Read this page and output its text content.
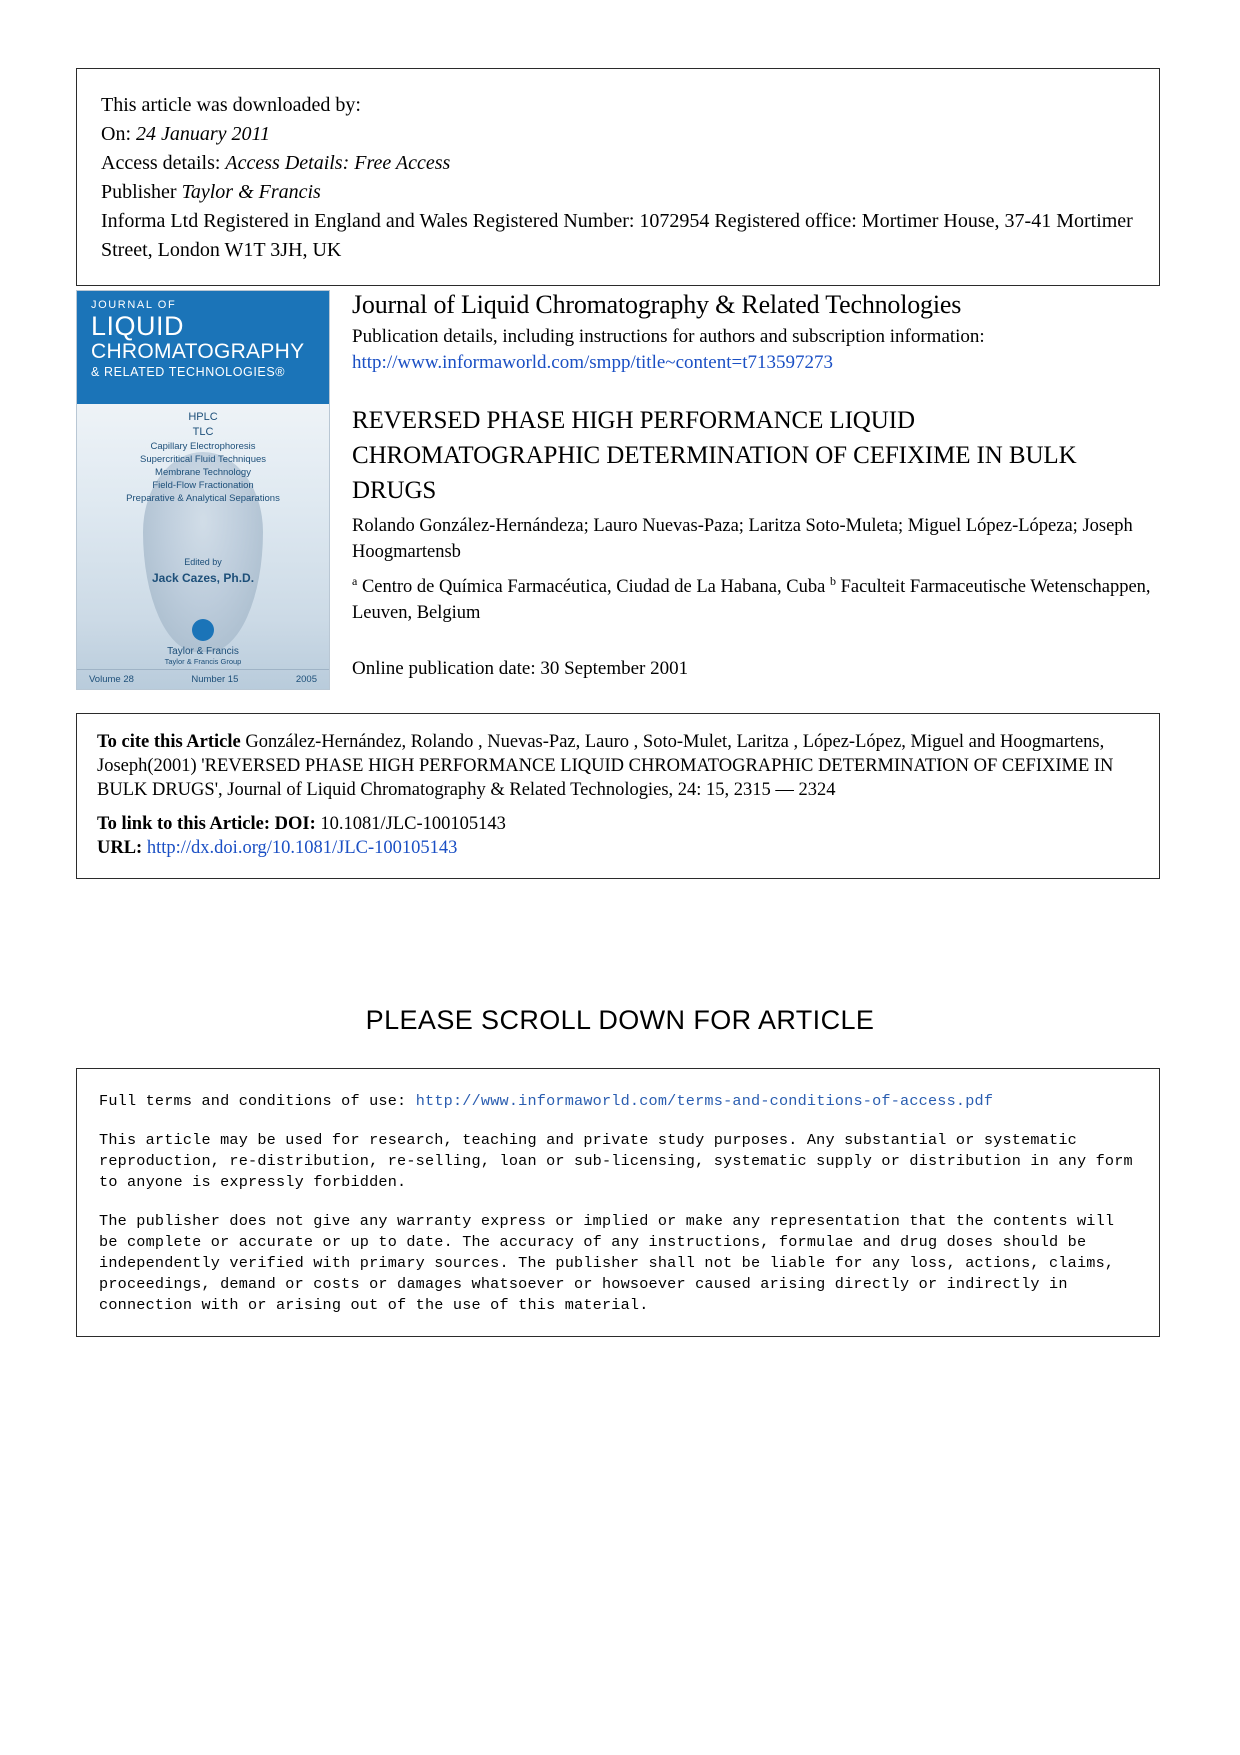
This article was downloaded by:
On: 24 January 2011
Access details: Access Details: Free Access
Publisher Taylor & Francis
Informa Ltd Registered in England and Wales Registered Number: 1072954 Registered office: Mortimer House, 37-41 Mortimer Street, London W1T 3JH, UK
JOURNAL OF
LIQUID
CHROMATOGRAPHY
& RELATED TECHNOLOGIES®
HPLC
TLC
Capillary Electrophoresis
Supercritical Fluid Techniques
Membrane Technology
Field-Flow Fractionation
Preparative & Analytical Separations
Edited by
Jack Cazes, Ph.D.
Taylor & Francis
Taylor & Francis Group
Volume 28	Number 15	2005
Journal of Liquid Chromatography & Related Technologies
Publication details, including instructions for authors and subscription information:
http://www.informaworld.com/smpp/title~content=t713597273
REVERSED PHASE HIGH PERFORMANCE LIQUID CHROMATOGRAPHIC DETERMINATION OF CEFIXIME IN BULK DRUGS
Rolando González-Hernándeza; Lauro Nuevas-Paza; Laritza Soto-Muleta; Miguel López-Lópeza; Joseph Hoogmartensb
$^a$ Centro de Química Farmacéutica, Ciudad de La Habana, Cuba $^b$ Faculteit Farmaceutische Wetenschappen, Leuven, Belgium
Online publication date: 30 September 2001
To cite this Article González-Hernández, Rolando , Nuevas-Paz, Lauro , Soto-Mulet, Laritza , López-López, Miguel and Hoogmartens, Joseph(2001) 'REVERSED PHASE HIGH PERFORMANCE LIQUID CHROMATOGRAPHIC DETERMINATION OF CEFIXIME IN BULK DRUGS', Journal of Liquid Chromatography & Related Technologies, 24: 15, 2315 — 2324
To link to this Article: DOI: 10.1081/JLC-100105143
URL: http://dx.doi.org/10.1081/JLC-100105143
PLEASE SCROLL DOWN FOR ARTICLE

Full terms and conditions of use: http://www.informaworld.com/terms-and-conditions-of-access.pdf

This article may be used for research, teaching and private study purposes. Any substantial or systematic reproduction, re-distribution, re-selling, loan or sub-licensing, systematic supply or distribution in any form to anyone is expressly forbidden.

The publisher does not give any warranty express or implied or make any representation that the contents will be complete or accurate or up to date. The accuracy of any instructions, formulae and drug doses should be independently verified with primary sources. The publisher shall not be liable for any loss, actions, claims, proceedings, demand or costs or damages whatsoever or howsoever caused arising directly or indirectly in connection with or arising out of the use of this material.
